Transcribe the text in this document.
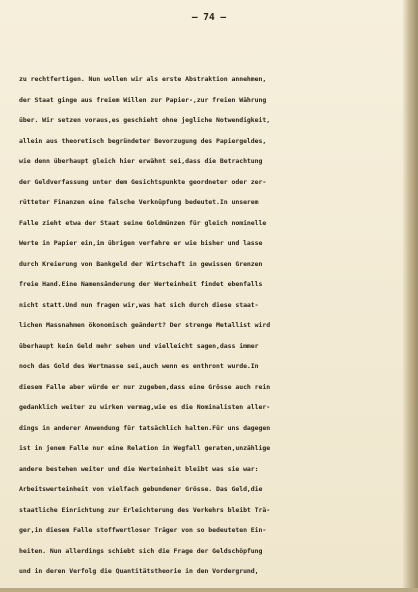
— 74 —
zu rechtfertigen. Nun wollen wir als erste Abstraktion annehmen,
der Staat ginge aus freiem Willen zur Papier-,zur freien Währung
über. Wir setzen voraus,es geschieht ohne jegliche Notwendigkeit,
allein aus theoretisch begründeter Bevorzugung des Papiergeldes,
wie denn überhaupt gleich hier erwähnt sei,dass die Betrachtung
der Geldverfassung unter dem Gesichtspunkte geordneter oder zer-
rütteter Finanzen eine falsche Verknüpfung bedeutet.In unserem
Falle zieht etwa der Staat seine Goldmünzen für gleich nominelle
Werte in Papier ein,im übrigen verfahre er wie bisher und lasse
durch Kreierung von Bankgeld der Wirtschaft in gewissen Grenzen
freie Hand.Eine Namensänderung der Werteinheit findet ebenfalls
nicht statt.Und nun fragen wir,was hat sich durch diese staat-
lichen Massnahmen ökonomisch geändert? Der strenge Metallist wird
überhaupt kein Geld mehr sehen und vielleicht sagen,dass immer
noch das Gold des Wertmasse sei,auch wenn es enthront wurde.In
diesem Falle aber würde er nur zugeben,dass eine Grösse auch rein
gedanklich weiter zu wirken vermag,wie es die Nominalisten aller-
dings in anderer Anwendung für tatsächlich halten.Für uns dagegen
ist in jenem Falle nur eine Relation in Wegfall geraten,unzählige
andere bestehen weiter und die Werteinheit bleibt was sie war:
Arbeitswerteinheit von vielfach gebundener Grösse. Das Geld,die
staatliche Einrichtung zur Erleichterung des Verkehrs bleibt Trä-
ger,in diesem Falle stoffwertloser Träger von so bedeuteten Ein-
heiten. Nun allerdings schiebt sich die Frage der Geldschöpfung
und in deren Verfolg die Quantitätstheorie in den Vordergrund,
